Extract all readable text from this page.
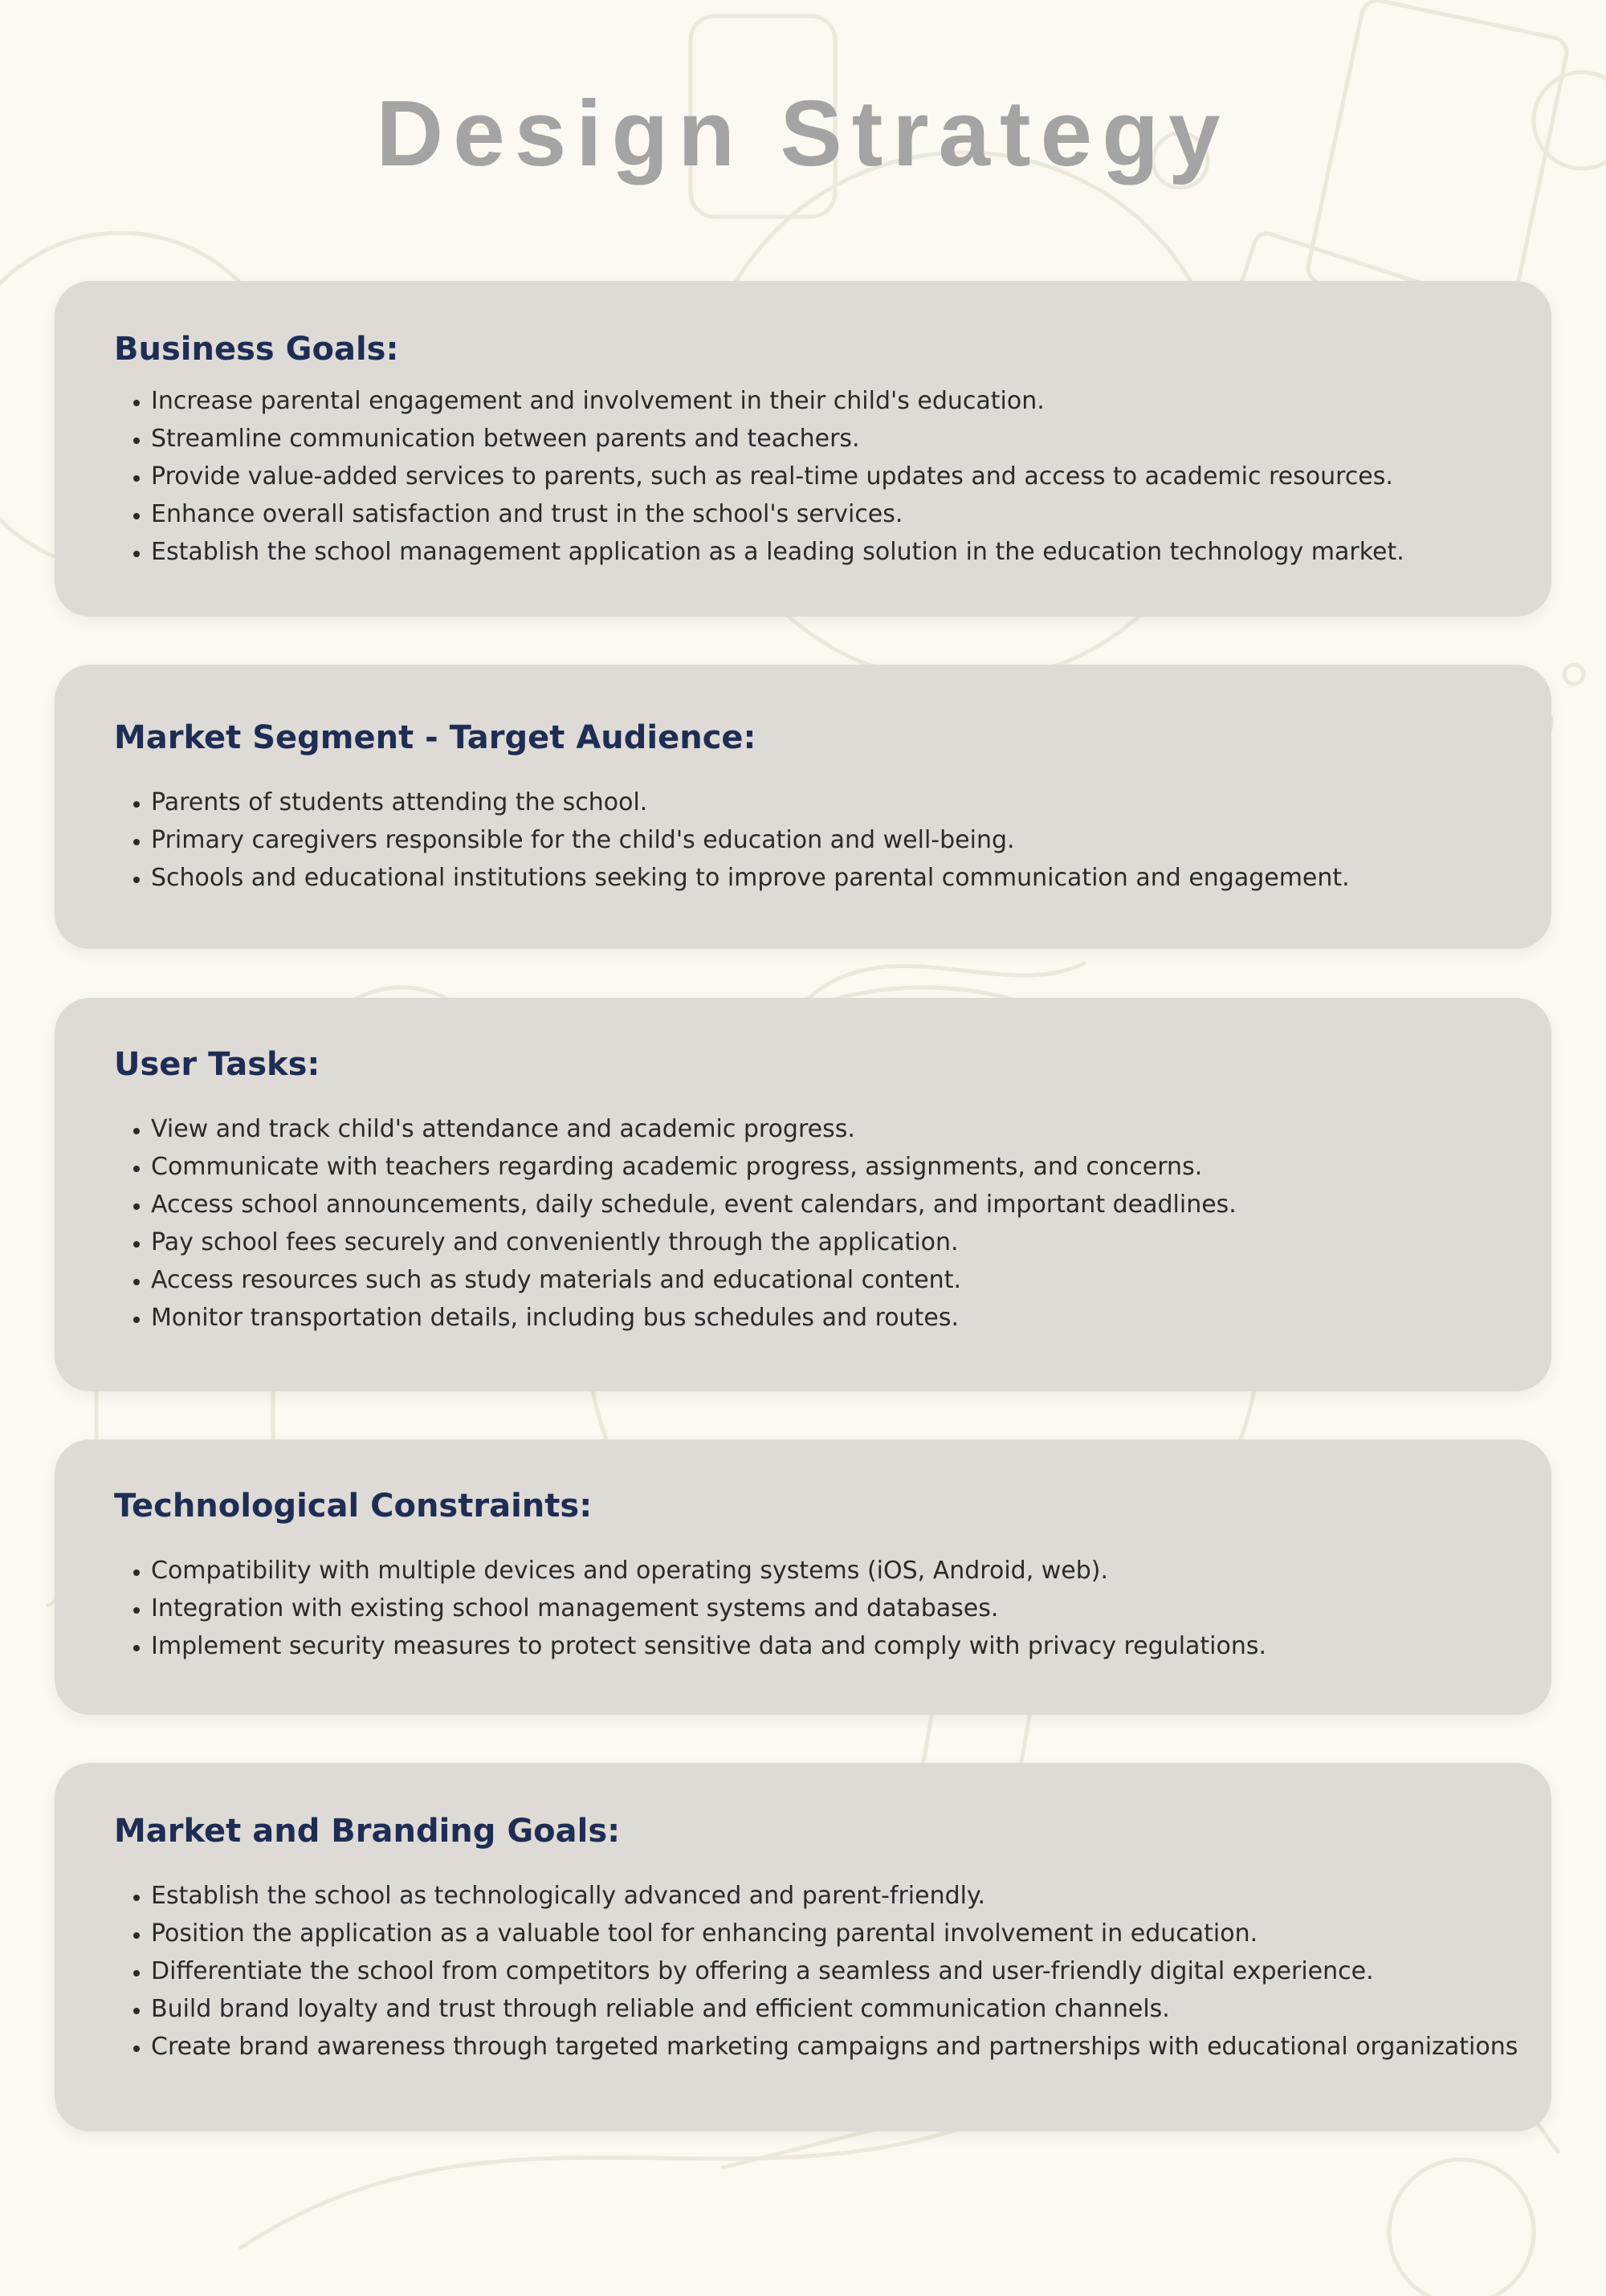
Design Strategy
Business Goals:
• Increase parental engagement and involvement in their child's education.
• Streamline communication between parents and teachers.
• Provide value-added services to parents, such as real-time updates and access to academic resources.
• Enhance overall satisfaction and trust in the school's services.
• Establish the school management application as a leading solution in the education technology market.
Market Segment - Target Audience:
• Parents of students attending the school.
• Primary caregivers responsible for the child's education and well-being.
• Schools and educational institutions seeking to improve parental communication and engagement.
User Tasks:
• View and track child's attendance and academic progress.
• Communicate with teachers regarding academic progress, assignments, and concerns.
• Access school announcements, daily schedule, event calendars, and important deadlines.
• Pay school fees securely and conveniently through the application.
• Access resources such as study materials and educational content.
• Monitor transportation details, including bus schedules and routes.
Technological Constraints:
• Compatibility with multiple devices and operating systems (iOS, Android, web).
• Integration with existing school management systems and databases.
• Implement security measures to protect sensitive data and comply with privacy regulations.
Market and Branding Goals:
• Establish the school as technologically advanced and parent-friendly.
• Position the application as a valuable tool for enhancing parental involvement in education.
• Differentiate the school from competitors by offering a seamless and user-friendly digital experience.
• Build brand loyalty and trust through reliable and efficient communication channels.
• Create brand awareness through targeted marketing campaigns and partnerships with educational organizations
